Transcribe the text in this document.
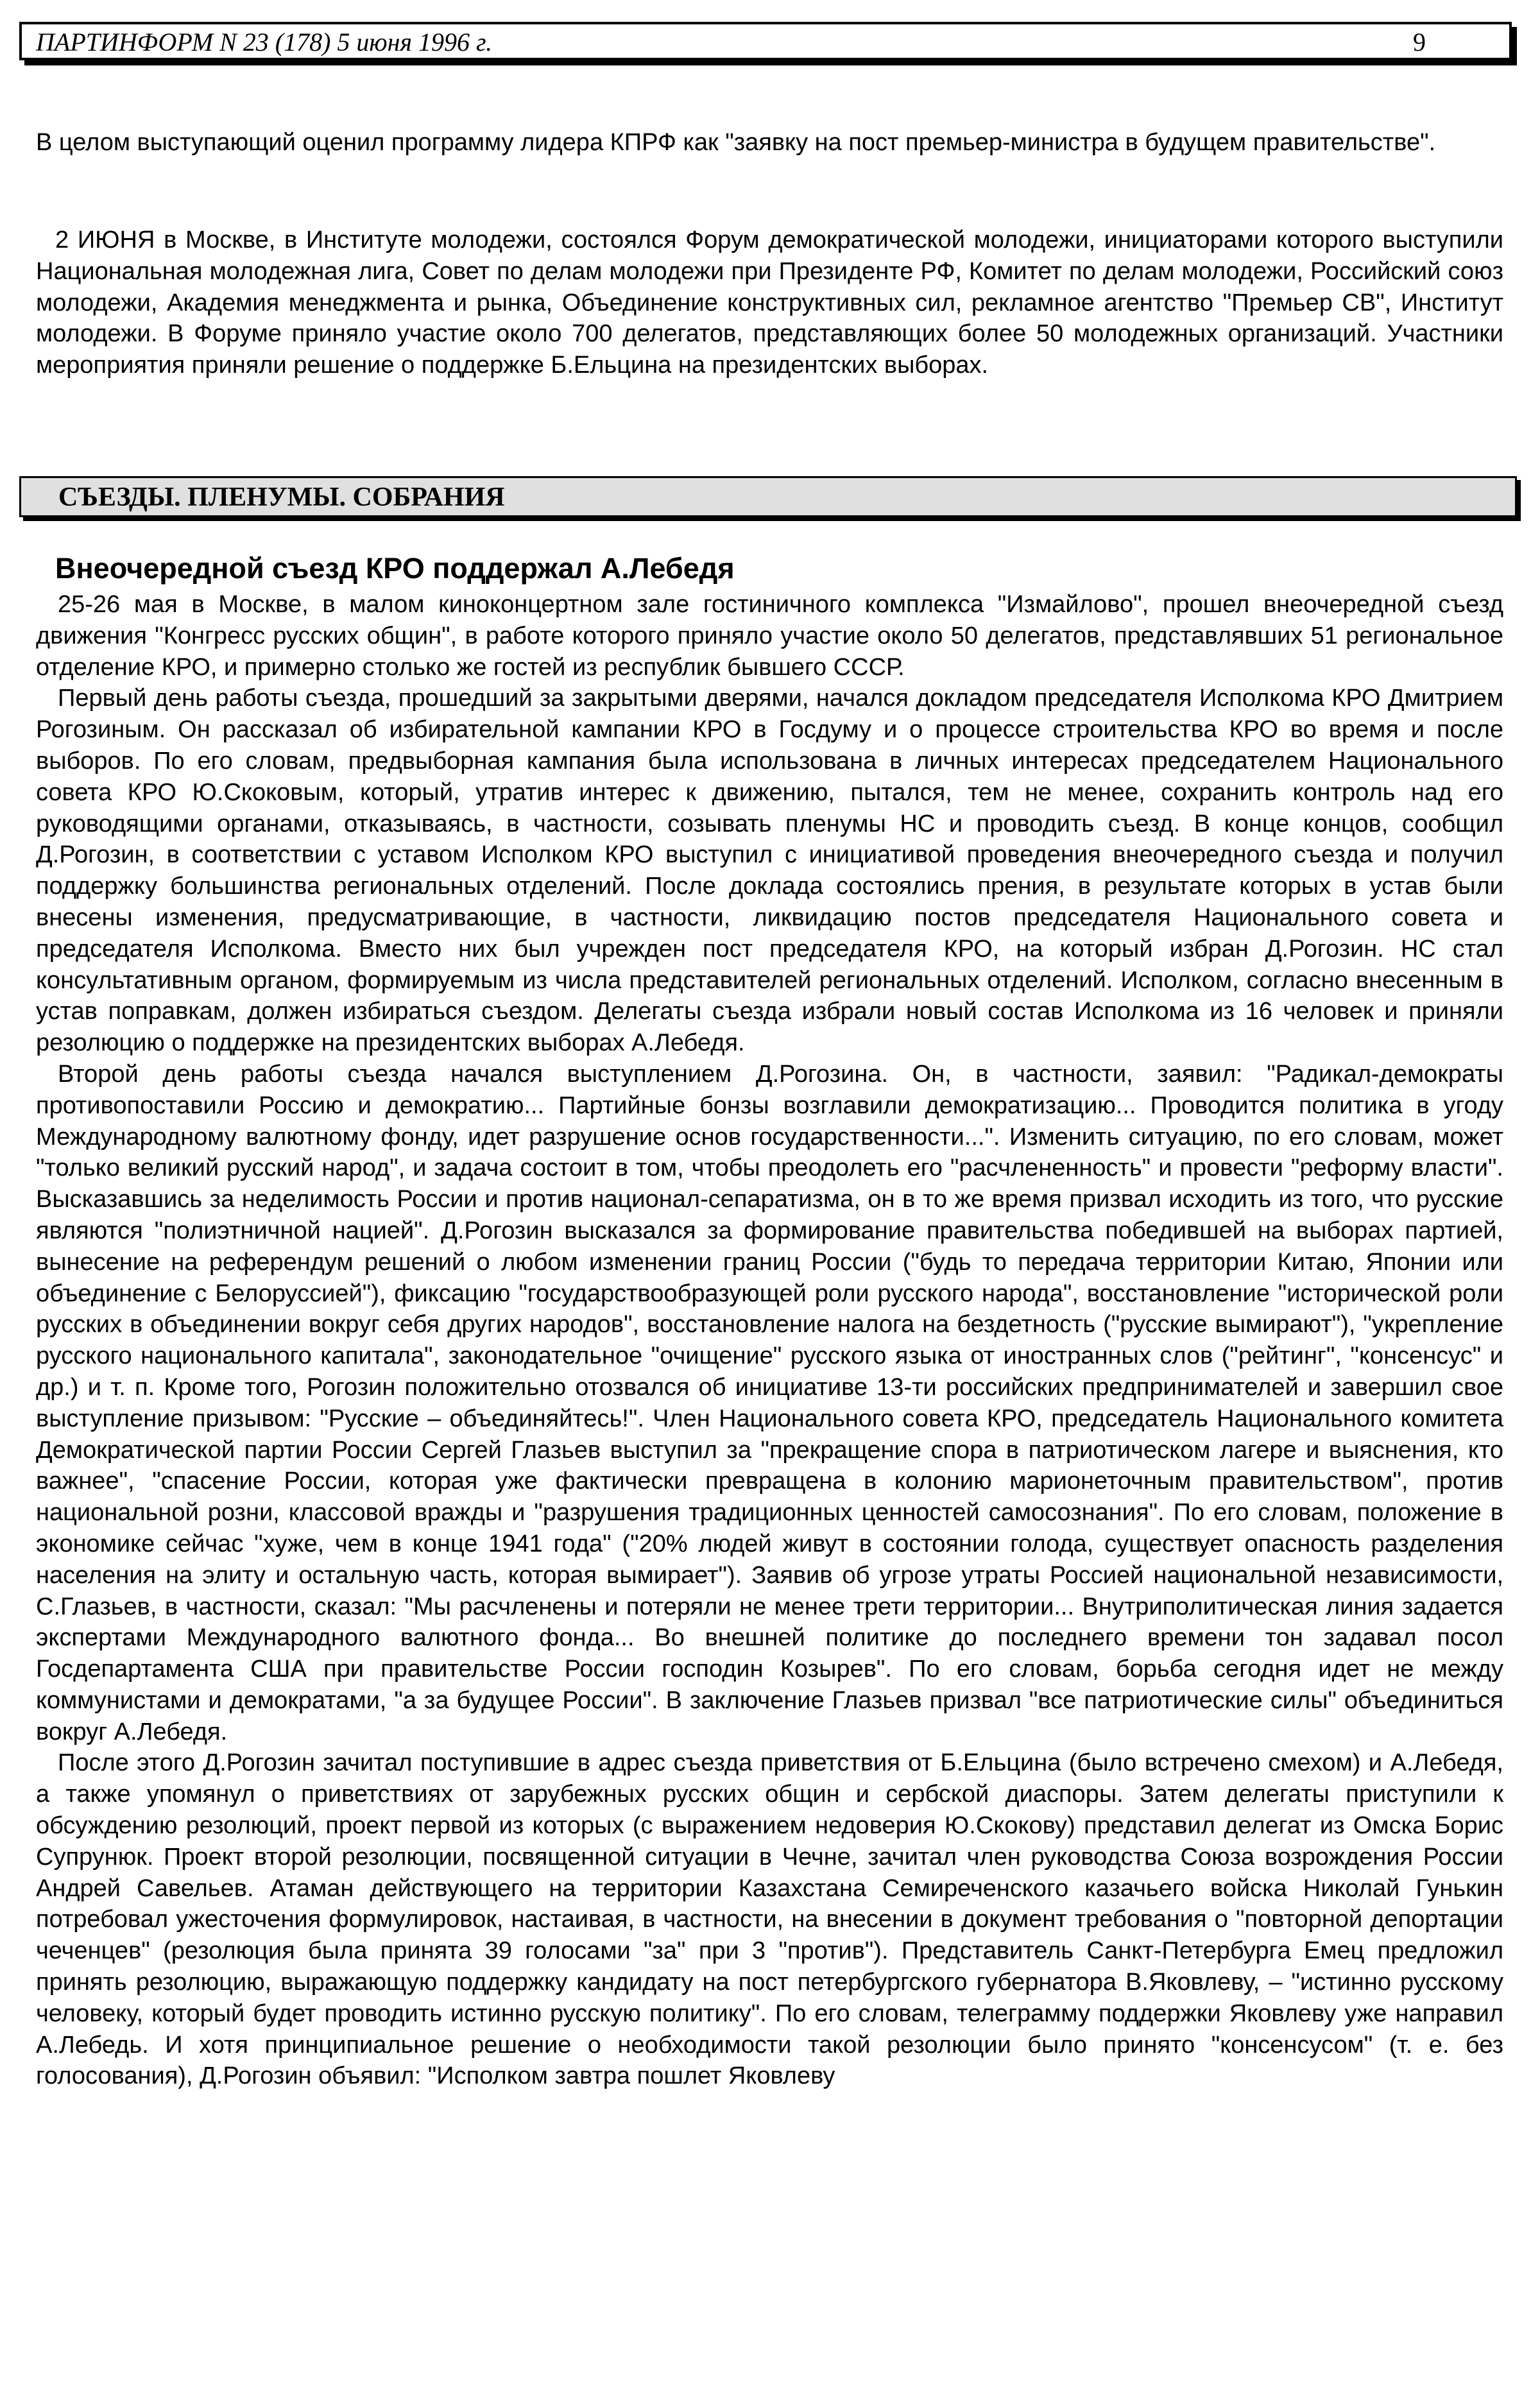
ПАРТИНФОРМ N 23 (178) 5 июня 1996 г.	9

В целом выступающий оценил программу лидера КПРФ как "заявку на пост премьер-министра в будущем правительстве".

2 ИЮНЯ в Москве, в Институте молодежи, состоялся Форум демократической молодежи, инициаторами которого выступили Национальная молодежная лига, Совет по делам молодежи при Президенте РФ, Комитет по делам молодежи, Российский союз молодежи, Академия менеджмента и рынка, Объединение конструктивных сил, рекламное агентство "Премьер СВ", Институт молодежи. В Форуме приняло участие около 700 делегатов, представляющих более 50 молодежных организаций. Участники мероприятия приняли решение о поддержке Б.Ельцина на президентских выборах.

СЪЕЗДЫ. ПЛЕНУМЫ. СОБРАНИЯ
Внеочередной съезд КРО поддержал А.Лебедя

25-26 мая в Москве, в малом киноконцертном зале гостиничного комплекса "Измайлово", прошел внеочередной съезд движения "Конгресс русских общин", в работе которого приняло участие около 50 делегатов, представлявших 51 региональное отделение КРО, и примерно столько же гостей из республик бывшего СССР.

Первый день работы съезда, прошедший за закрытыми дверями, начался докладом председателя Исполкома КРО Дмитрием Рогозиным. Он рассказал об избирательной кампании КРО в Госдуму и о процессе строительства КРО во время и после выборов. По его словам, предвыборная кампания была использована в личных интересах председателем Национального совета КРО Ю.Скоковым, который, утратив интерес к движению, пытался, тем не менее, сохранить контроль над его руководящими органами, отказываясь, в частности, созывать пленумы НС и проводить съезд. В конце концов, сообщил Д.Рогозин, в соответствии с уставом Исполком КРО выступил с инициативой проведения внеочередного съезда и получил поддержку большинства региональных отделений. После доклада состоялись прения, в результате которых в устав были внесены изменения, предусматривающие, в частности, ликвидацию постов председателя Национального совета и председателя Исполкома. Вместо них был учрежден пост председателя КРО, на который избран Д.Рогозин. НС стал консультативным органом, формируемым из числа представителей региональных отделений. Исполком, согласно внесенным в устав поправкам, должен избираться съездом. Делегаты съезда избрали новый состав Исполкома из 16 человек и приняли резолюцию о поддержке на президентских выборах А.Лебедя.

Второй день работы съезда начался выступлением Д.Рогозина. Он, в частности, заявил: "Радикал-демократы противопоставили Россию и демократию... Партийные бонзы возглавили демократизацию... Проводится политика в угоду Международному валютному фонду, идет разрушение основ государственности...". Изменить ситуацию, по его словам, может "только великий русский народ", и задача состоит в том, чтобы преодолеть его "расчлененность" и провести "реформу власти". Высказавшись за неделимость России и против национал-сепаратизма, он в то же время призвал исходить из того, что русские являются "полиэтничной нацией". Д.Рогозин высказался за формирование правительства победившей на выборах партией, вынесение на референдум решений о любом изменении границ России ("будь то передача территории Китаю, Японии или объединение с Белоруссией"), фиксацию "государствообразующей роли русского народа", восстановление "исторической роли русских в объединении вокруг себя других народов", восстановление налога на бездетность ("русские вымирают"), "укрепление русского национального капитала", законодательное "очищение" русского языка от иностранных слов ("рейтинг", "консенсус" и др.) и т. п. Кроме того, Рогозин положительно отозвался об инициативе 13-ти российских предпринимателей и завершил свое выступление призывом: "Русские – объединяйтесь!". Член Национального совета КРО, председатель Национального комитета Демократической партии России Сергей Глазьев выступил за "прекращение спора в патриотическом лагере и выяснения, кто важнее", "спасение России, которая уже фактически превращена в колонию марионеточным правительством", против национальной розни, классовой вражды и "разрушения традиционных ценностей самосознания". По его словам, положение в экономике сейчас "хуже, чем в конце 1941 года" ("20% людей живут в состоянии голода, существует опасность разделения населения на элиту и остальную часть, которая вымирает"). Заявив об угрозе утраты Россией национальной независимости, С.Глазьев, в частности, сказал: "Мы расчленены и потеряли не менее трети территории... Внутриполитическая линия задается экспертами Международного валютного фонда... Во внешней политике до последнего времени тон задавал посол Госдепартамента США при правительстве России господин Козырев". По его словам, борьба сегодня идет не между коммунистами и демократами, "а за будущее России". В заключение Глазьев призвал "все патриотические силы" объединиться вокруг А.Лебедя.

После этого Д.Рогозин зачитал поступившие в адрес съезда приветствия от Б.Ельцина (было встречено смехом) и А.Лебедя, а также упомянул о приветствиях от зарубежных русских общин и сербской диаспоры. Затем делегаты приступили к обсуждению резолюций, проект первой из которых (с выражением недоверия Ю.Скокову) представил делегат из Омска Борис Супрунюк. Проект второй резолюции, посвященной ситуации в Чечне, зачитал член руководства Союза возрождения России Андрей Савельев. Атаман действующего на территории Казахстана Семиреченского казачьего войска Николай Гунькин потребовал ужесточения формулировок, настаивая, в частности, на внесении в документ требования о "повторной депортации чеченцев" (резолюция была принята 39 голосами "за" при 3 "против"). Представитель Санкт-Петербурга Емец предложил принять резолюцию, выражающую поддержку кандидату на пост петербургского губернатора В.Яковлеву, – "истинно русскому человеку, который будет проводить истинно русскую политику". По его словам, телеграмму поддержки Яковлеву уже направил А.Лебедь. И хотя принципиальное решение о необходимости такой резолюции было принято "консенсусом" (т. е. без голосования), Д.Рогозин объявил: "Исполком завтра пошлет Яковлеву
